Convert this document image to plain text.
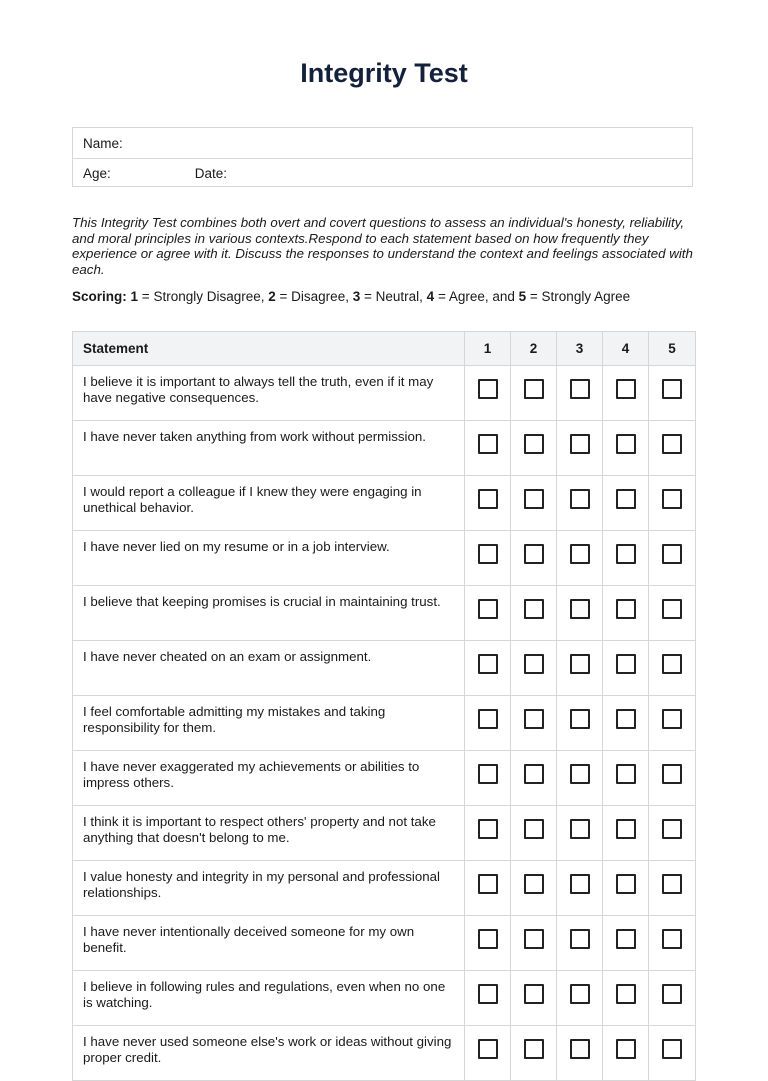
Integrity Test
Name:
Age:	Date:

This Integrity Test combines both overt and covert questions to assess an individual's honesty, reliability, and moral principles in various contexts.Respond to each statement based on how frequently they experience or agree with it. Discuss the responses to understand the context and feelings associated with each.

Scoring: 1 = Strongly Disagree, 2 = Disagree, 3 = Neutral, 4 = Agree, and 5 = Strongly Agree

Statement	1	2	3	4	5
I believe it is important to always tell the truth, even if it may have negative consequences.					
I have never taken anything from work without permission.					
I would report a colleague if I knew they were engaging in unethical behavior.					
I have never lied on my resume or in a job interview.					
I believe that keeping promises is crucial in maintaining trust.					
I have never cheated on an exam or assignment.					
I feel comfortable admitting my mistakes and taking responsibility for them.					
I have never exaggerated my achievements or abilities to impress others.					
I think it is important to respect others' property and not take anything that doesn't belong to me.					
I value honesty and integrity in my personal and professional relationships.					
I have never intentionally deceived someone for my own benefit.					
I believe in following rules and regulations, even when no one is watching.					
I have never used someone else's work or ideas without giving proper credit.					
